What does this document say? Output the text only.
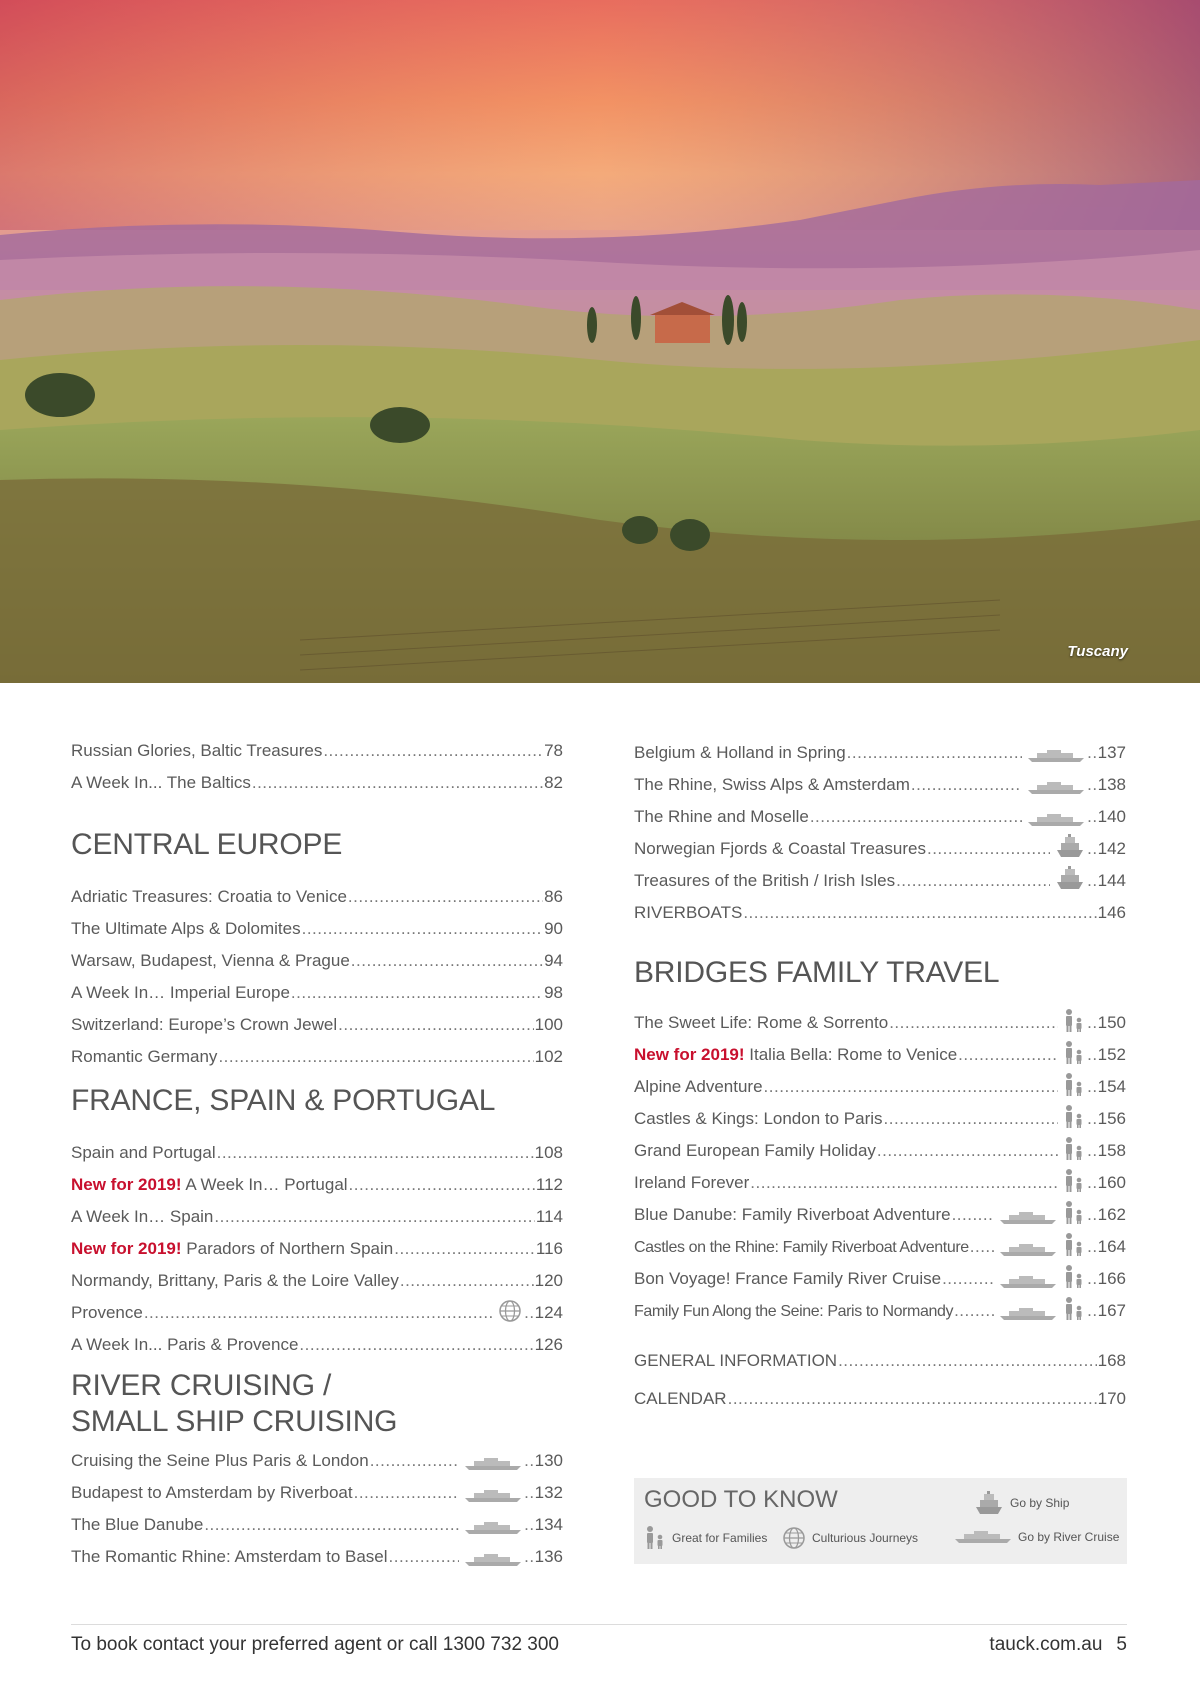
Tuscany
Russian Glories, Baltic Treasures .....	78
A Week In... The Baltics .....	82
CENTRAL EUROPE
Adriatic Treasures: Croatia to Venice .....	86
The Ultimate Alps & Dolomites .....	90
Warsaw, Budapest, Vienna & Prague .....	94
A Week In… Imperial Europe .....	98
Switzerland: Europe’s Crown Jewel .....	100
Romantic Germany .....	102
FRANCE, SPAIN & PORTUGAL
Spain and Portugal .....	108
New for 2019! A Week In… Portugal .....	112
A Week In… Spain .....	114
New for 2019! Paradors of Northern Spain .....	116
Normandy, Brittany, Paris & the Loire Valley .....	120
Provence .....	.. 124
A Week In... Paris & Provence .....	126
RIVER CRUISING /
SMALL SHIP CRUISING
Cruising the Seine Plus Paris & London .....	.. 130
Budapest to Amsterdam by Riverboat .....	.. 132
The Blue Danube .....	.. 134
The Romantic Rhine: Amsterdam to Basel .....	.. 136
Belgium & Holland in Spring .....	.. 137
The Rhine, Swiss Alps & Amsterdam .....	.. 138
The Rhine and Moselle .....	.. 140
Norwegian Fjords & Coastal Treasures .....	.. 142
Treasures of the British / Irish Isles .....	.. 144
RIVERBOATS .....	146
BRIDGES FAMILY TRAVEL
The Sweet Life: Rome & Sorrento .....	.. 150
New for 2019! Italia Bella: Rome to Venice .....	.. 152
Alpine Adventure .....	.. 154
Castles & Kings: London to Paris .....	.. 156
Grand European Family Holiday .....	.. 158
Ireland Forever .....	.. 160
Blue Danube: Family Riverboat Adventure .....	.. 162
Castles on the Rhine: Family Riverboat Adventure .....	.. 164
Bon Voyage! France Family River Cruise .....	.. 166
Family Fun Along the Seine: Paris to Normandy .....	.. 167
GENERAL INFORMATION .....	168
CALENDAR .....	170
GOOD TO KNOW
Great for Families	Culturious Journeys
Go by Ship
Go by River Cruise
To book contact your preferred agent or call 1300 732 300	tauck.com.au 5
